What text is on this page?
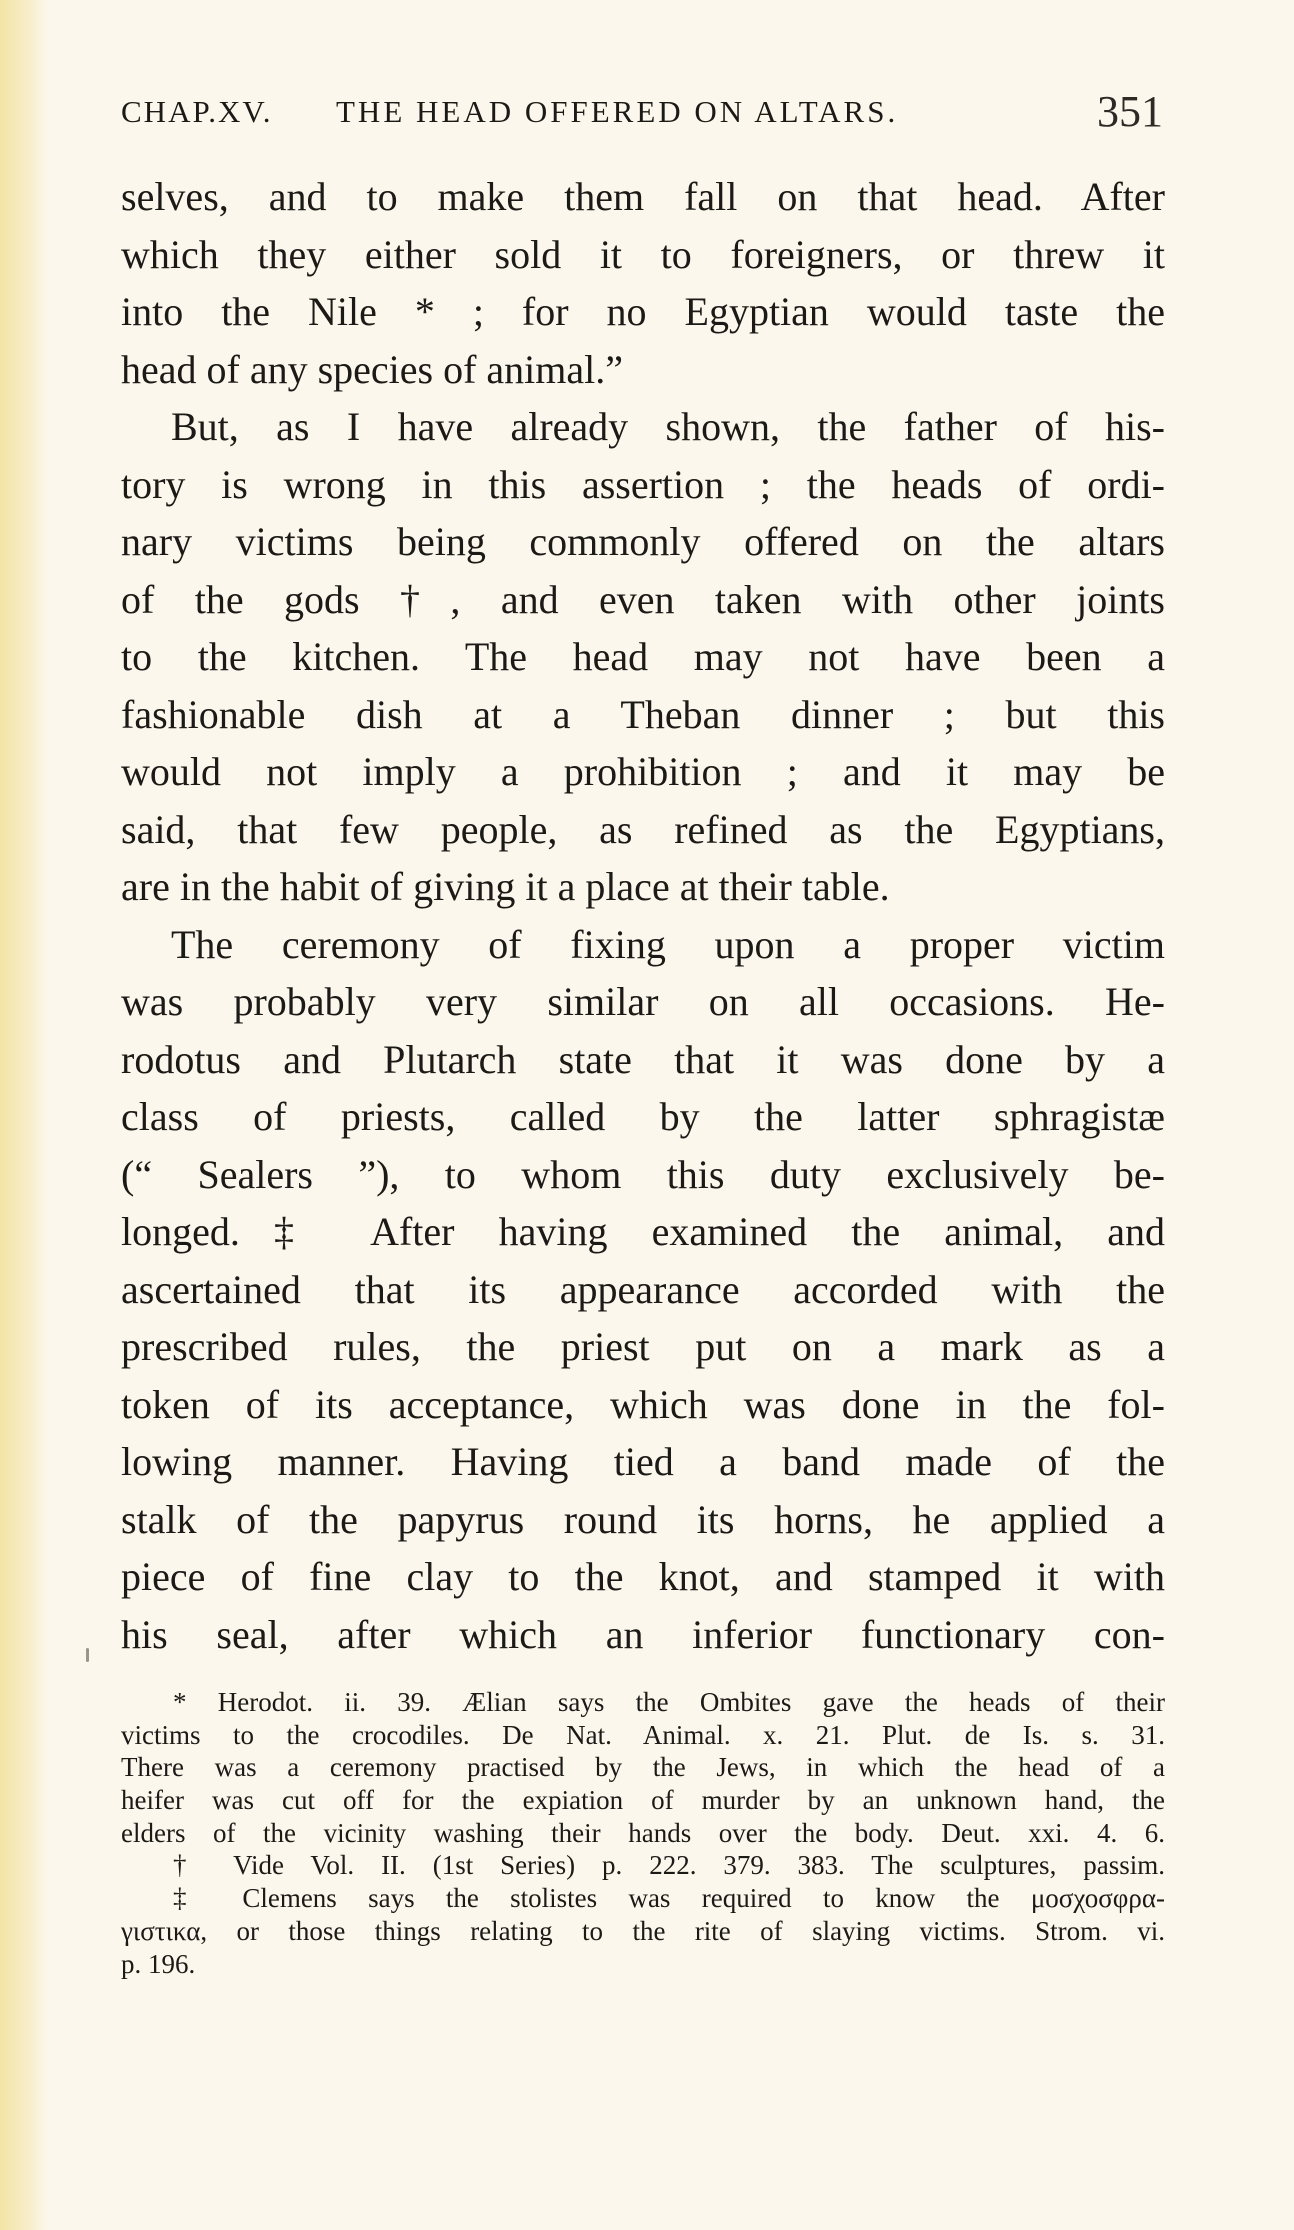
CHAP.XV. THE HEAD OFFERED ON ALTARS.	351
selves, and to make them fall on that head. After
which they either sold it to foreigners, or threw it
into the Nile * ; for no Egyptian would taste the
head of any species of animal.”
But, as I have already shown, the father of his-
tory is wrong in this assertion ; the heads of ordi-
nary victims being commonly offered on the altars
of the gods †, and even taken with other joints
to the kitchen. The head may not have been a
fashionable dish at a Theban dinner ; but this
would not imply a prohibition ; and it may be
said, that few people, as refined as the Egyptians,
are in the habit of giving it a place at their table.
The ceremony of fixing upon a proper victim
was probably very similar on all occasions. He-
rodotus and Plutarch state that it was done by a
class of priests, called by the latter sphragistæ
(“ Sealers ”), to whom this duty exclusively be-
longed.‡ After having examined the animal, and
ascertained that its appearance accorded with the
prescribed rules, the priest put on a mark as a
token of its acceptance, which was done in the fol-
lowing manner. Having tied a band made of the
stalk of the papyrus round its horns, he applied a
piece of fine clay to the knot, and stamped it with
his seal, after which an inferior functionary con-
* Herodot. ii. 39. Ælian says the Ombites gave the heads of their
victims to the crocodiles. De Nat. Animal. x. 21. Plut. de Is. s. 31.
There was a ceremony practised by the Jews, in which the head of a
heifer was cut off for the expiation of murder by an unknown hand, the
elders of the vicinity washing their hands over the body. Deut. xxi. 4. 6.
† Vide Vol. II. (1st Series) p. 222. 379. 383. The sculptures, passim.
‡ Clemens says the stolistes was required to know the μοσχοσφρα-
γιστικα, or those things relating to the rite of slaying victims. Strom. vi.
p. 196.
